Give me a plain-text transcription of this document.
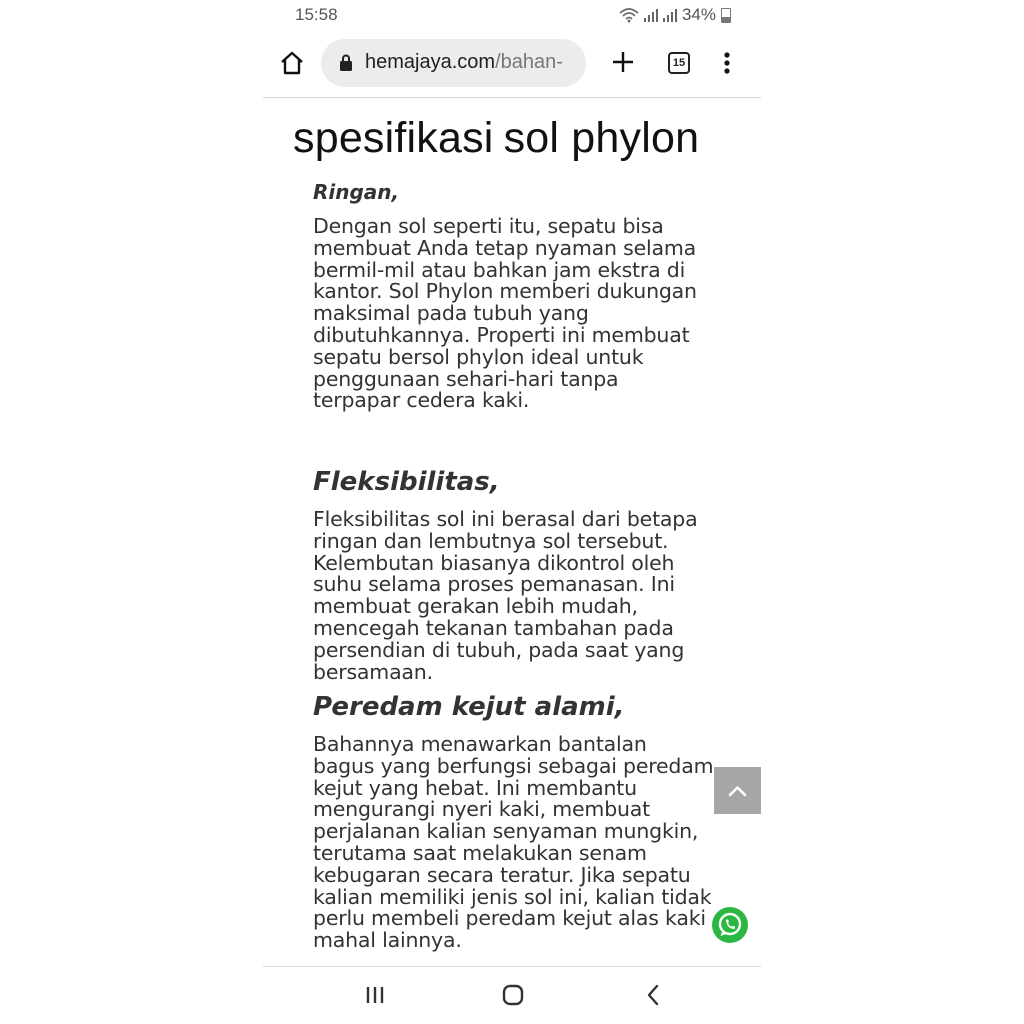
15:58	34%
hemajaya.com/bahan-	15
spesifikasi sol phylon
Ringan,
Dengan sol seperti itu, sepatu bisa
membuat Anda tetap nyaman selama
bermil-mil atau bahkan jam ekstra di
kantor. Sol Phylon memberi dukungan
maksimal pada tubuh yang
dibutuhkannya. Properti ini membuat
sepatu bersol phylon ideal untuk
penggunaan sehari-hari tanpa
terpapar cedera kaki.
Fleksibilitas,
Fleksibilitas sol ini berasal dari betapa
ringan dan lembutnya sol tersebut.
Kelembutan biasanya dikontrol oleh
suhu selama proses pemanasan. Ini
membuat gerakan lebih mudah,
mencegah tekanan tambahan pada
persendian di tubuh, pada saat yang
bersamaan.
Peredam kejut alami,
Bahannya menawarkan bantalan
bagus yang berfungsi sebagai peredam
kejut yang hebat. Ini membantu
mengurangi nyeri kaki, membuat
perjalanan kalian senyaman mungkin,
terutama saat melakukan senam
kebugaran secara teratur. Jika sepatu
kalian memiliki jenis sol ini, kalian tidak
perlu membeli peredam kejut alas kaki
mahal lainnya.
